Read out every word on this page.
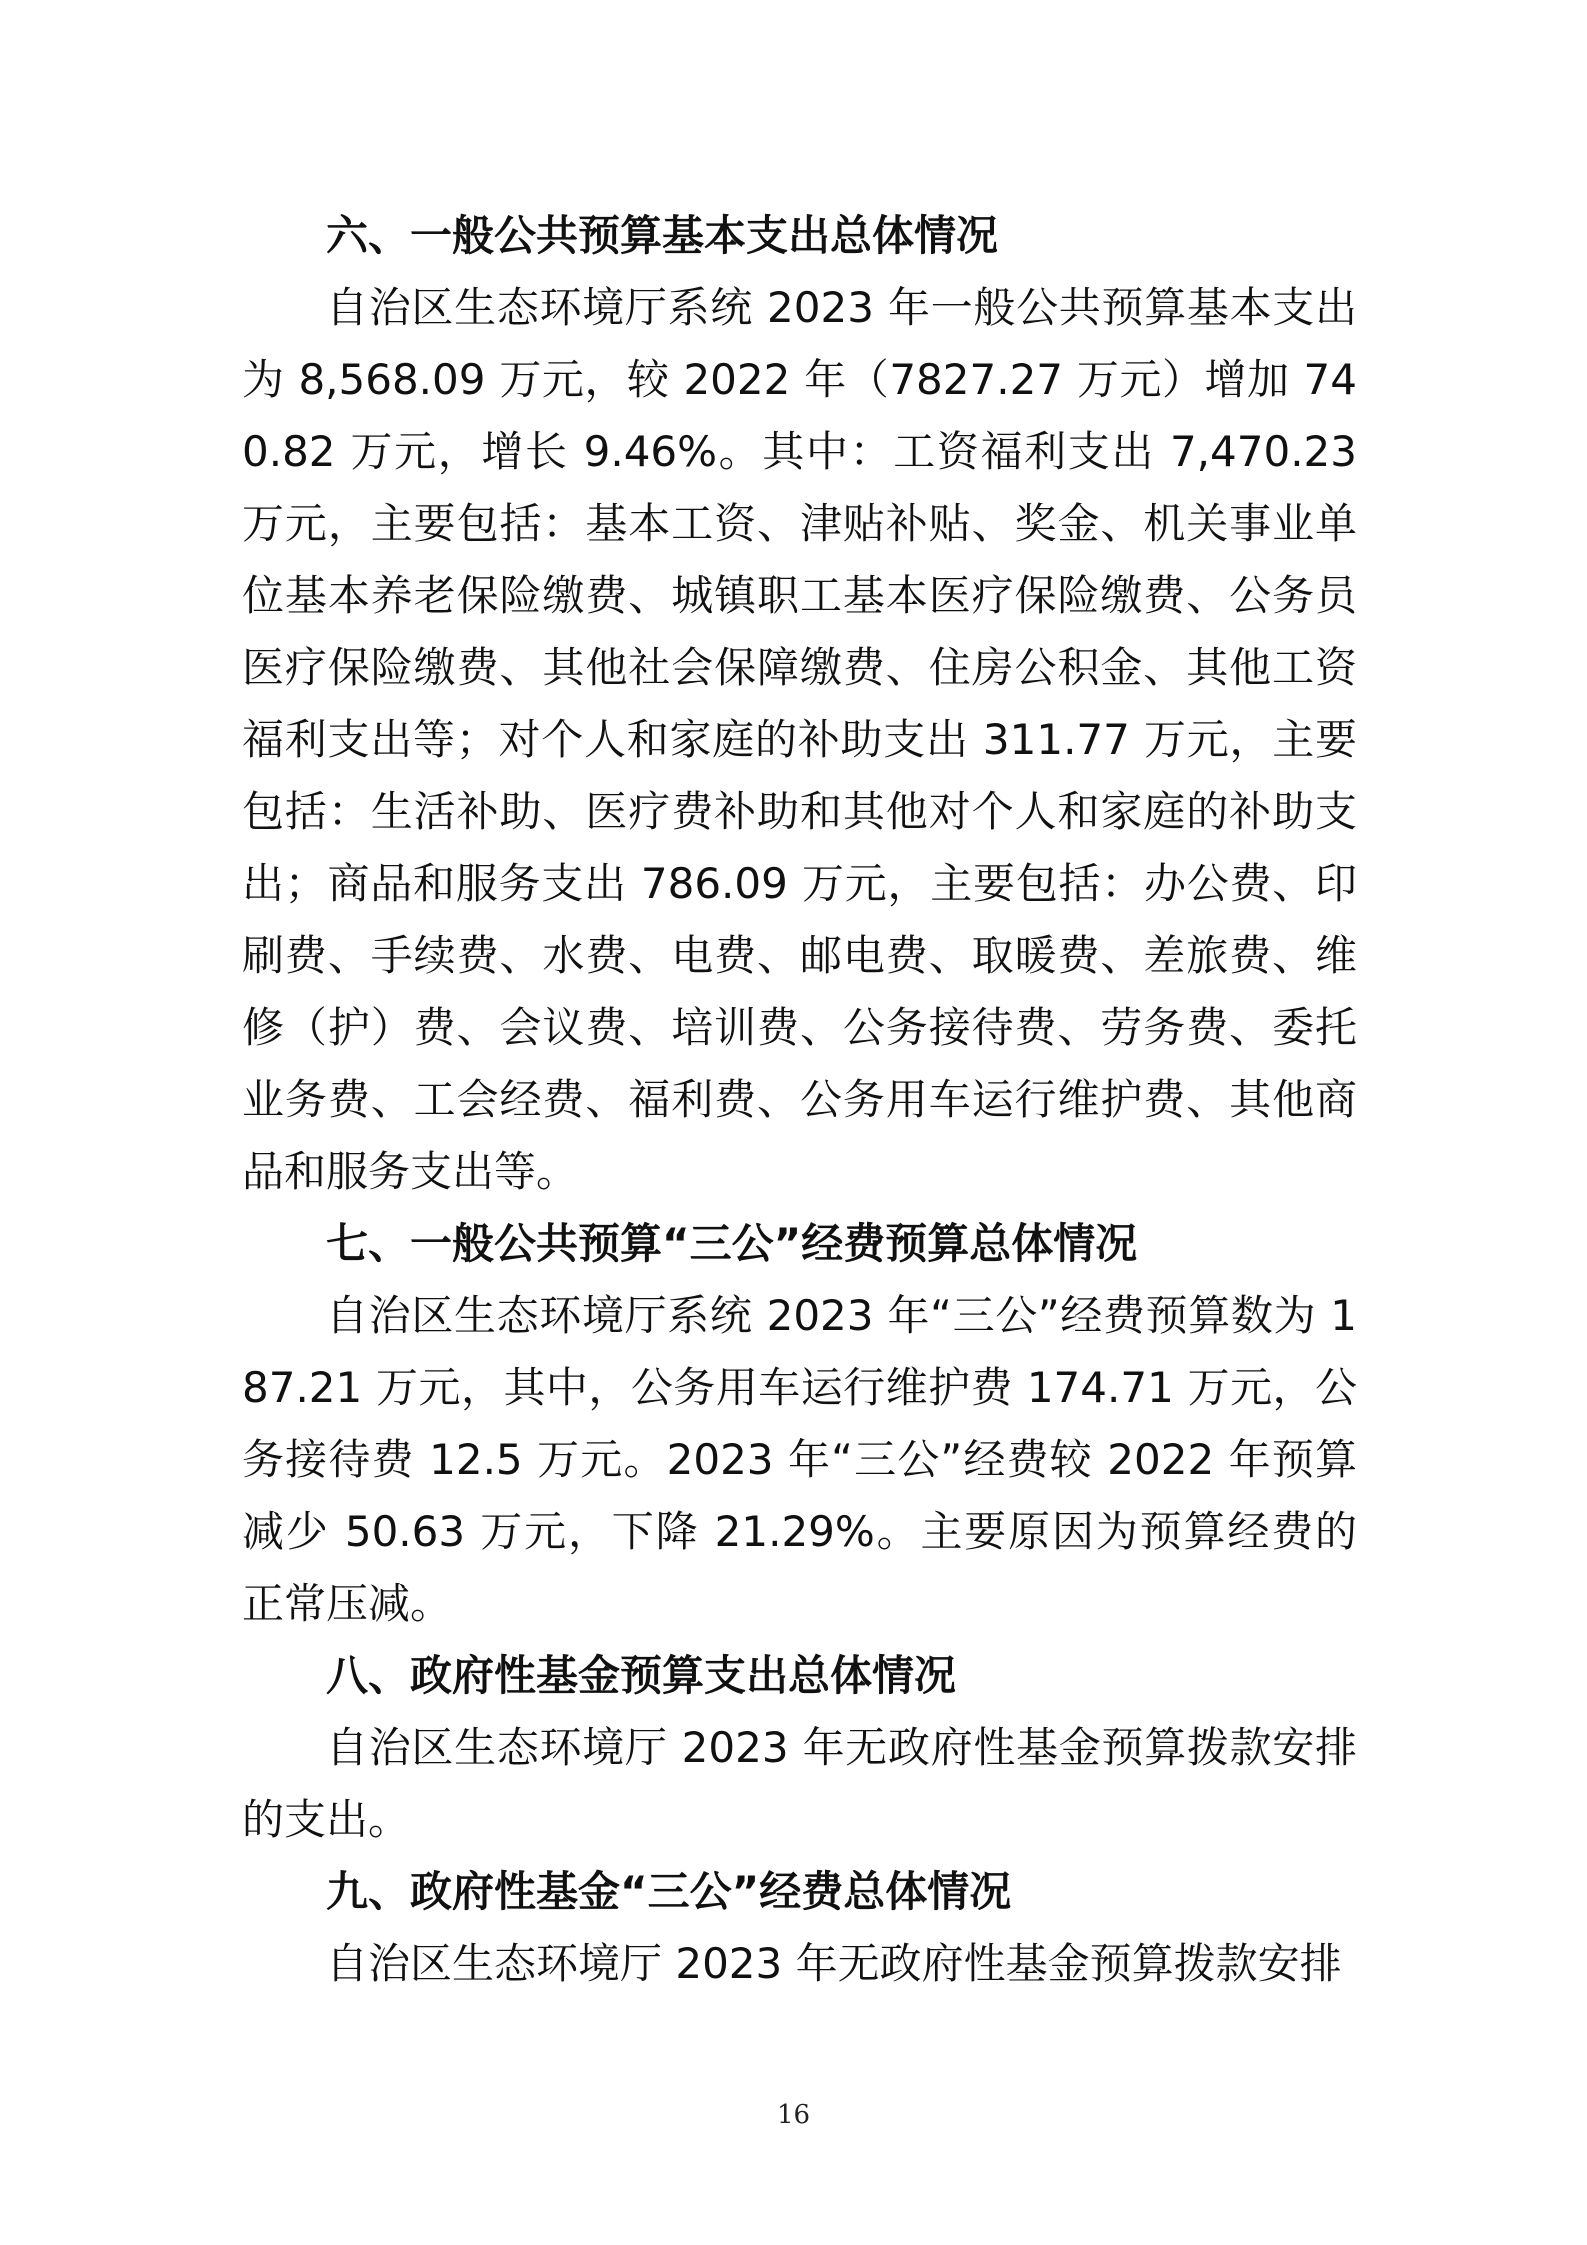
六、一般公共预算基本支出总体情况

自治区生态环境厅系统 2023 年一般公共预算基本支出为 8,568.09 万元，较 2022 年（7827.27 万元）增加 740.82 万元，增长 9.46%。其中：工资福利支出 7,470.23 万元，主要包括：基本工资、津贴补贴、奖金、机关事业单位基本养老保险缴费、城镇职工基本医疗保险缴费、公务员医疗保险缴费、其他社会保障缴费、住房公积金、其他工资福利支出等；对个人和家庭的补助支出 311.77 万元，主要包括：生活补助、医疗费补助和其他对个人和家庭的补助支出；商品和服务支出 786.09 万元，主要包括：办公费、印刷费、手续费、水费、电费、邮电费、取暖费、差旅费、维修（护）费、会议费、培训费、公务接待费、劳务费、委托业务费、工会经费、福利费、公务用车运行维护费、其他商品和服务支出等。

七、一般公共预算“三公”经费预算总体情况

自治区生态环境厅系统 2023 年“三公”经费预算数为 187.21 万元，其中，公务用车运行维护费 174.71 万元，公务接待费 12.5 万元。2023 年“三公”经费较 2022 年预算减少 50.63 万元，下降 21.29%。主要原因为预算经费的正常压减。

八、政府性基金预算支出总体情况

自治区生态环境厅 2023 年无政府性基金预算拨款安排的支出。

九、政府性基金“三公”经费总体情况

自治区生态环境厅 2023 年无政府性基金预算拨款安排

16
